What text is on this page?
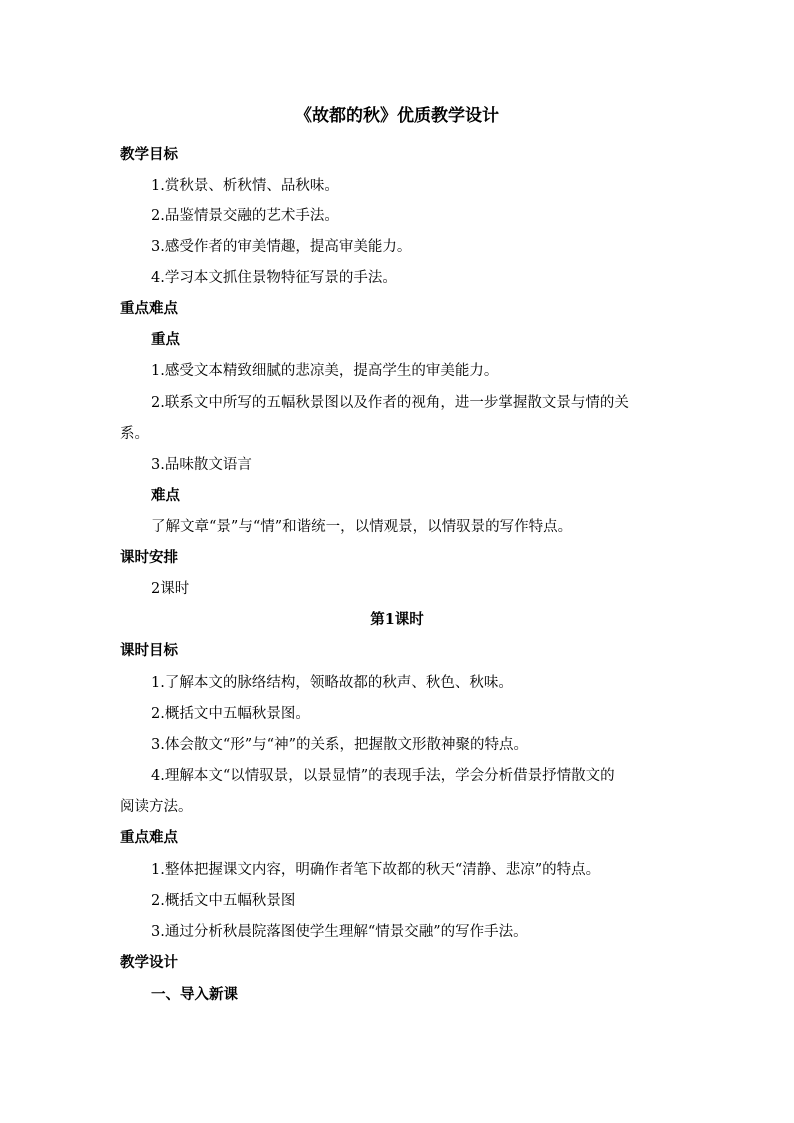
《故都的秋》优质教学设计
教学目标
1.赏秋景、析秋情、品秋味。
2.品鉴情景交融的艺术手法。
3.感受作者的审美情趣，提高审美能力。
4.学习本文抓住景物特征写景的手法。
重点难点
重点
1.感受文本精致细腻的悲凉美，提高学生的审美能力。
2.联系文中所写的五幅秋景图以及作者的视角，进一步掌握散文景与情的关
系。
3.品味散文语言
难点
了解文章“景”与“情”和谐统一，以情观景，以情驭景的写作特点。
课时安排
2课时
第1课时
课时目标
1.了解本文的脉络结构，领略故都的秋声、秋色、秋味。
2.概括文中五幅秋景图。
3.体会散文“形”与“神”的关系，把握散文形散神聚的特点。
4.理解本文“以情驭景，以景显情”的表现手法，学会分析借景抒情散文的
阅读方法。
重点难点
1.整体把握课文内容，明确作者笔下故都的秋天“清静、悲凉”的特点。
2.概括文中五幅秋景图
3.通过分析秋晨院落图使学生理解“情景交融”的写作手法。
教学设计
一、导入新课
